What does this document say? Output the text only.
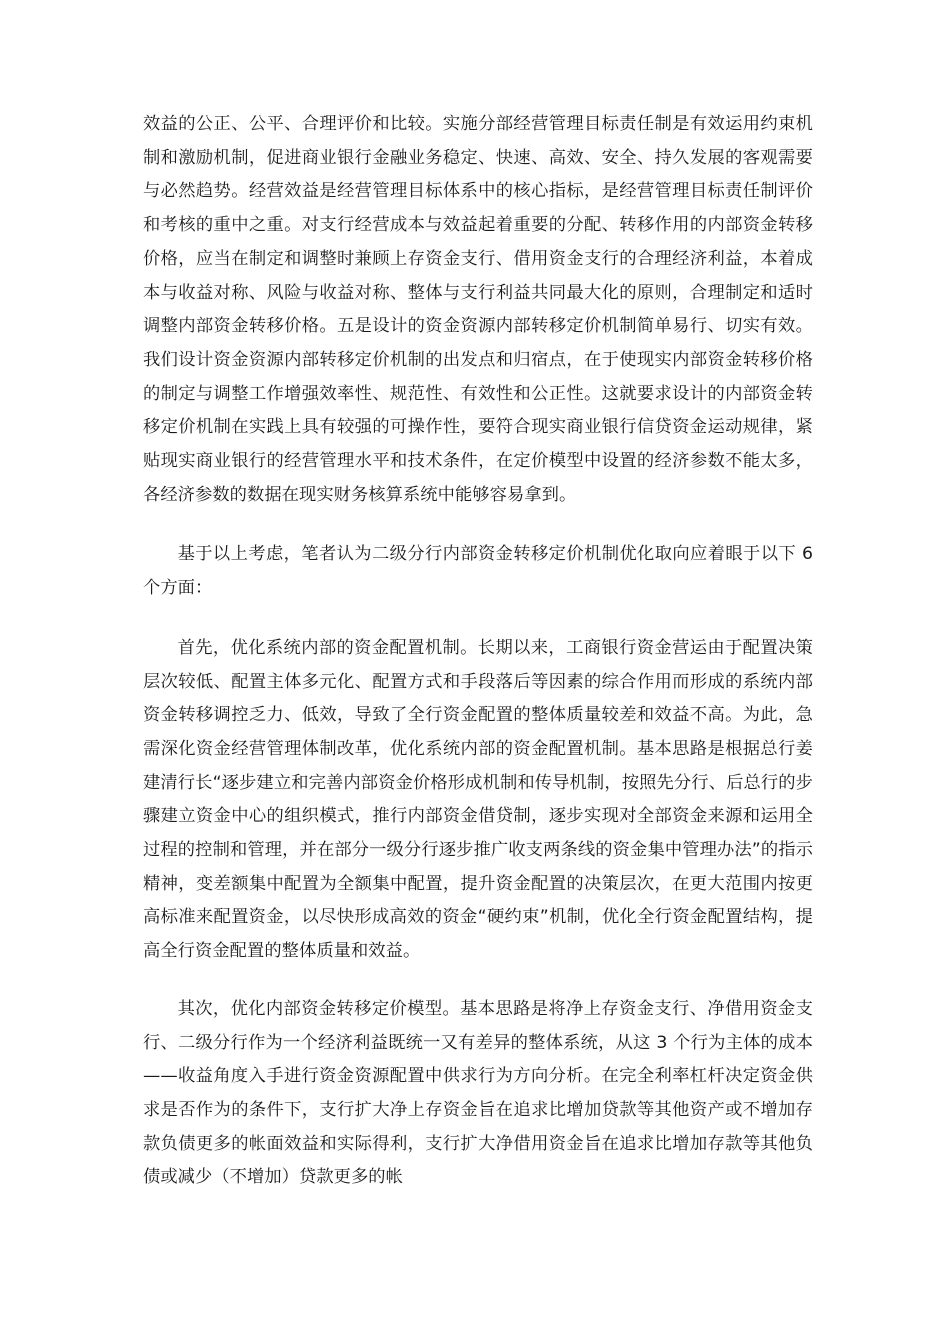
效益的公正、公平、合理评价和比较。实施分部经营管理目标责任制是有效运用约束机制和激励机制，促进商业银行金融业务稳定、快速、高效、安全、持久发展的客观需要与必然趋势。经营效益是经营管理目标体系中的核心指标，是经营管理目标责任制评价和考核的重中之重。对支行经营成本与效益起着重要的分配、转移作用的内部资金转移价格，应当在制定和调整时兼顾上存资金支行、借用资金支行的合理经济利益，本着成本与收益对称、风险与收益对称、整体与支行利益共同最大化的原则，合理制定和适时调整内部资金转移价格。五是设计的资金资源内部转移定价机制简单易行、切实有效。我们设计资金资源内部转移定价机制的出发点和归宿点，在于使现实内部资金转移价格的制定与调整工作增强效率性、规范性、有效性和公正性。这就要求设计的内部资金转移定价机制在实践上具有较强的可操作性，要符合现实商业银行信贷资金运动规律，紧贴现实商业银行的经营管理水平和技术条件，在定价模型中设置的经济参数不能太多，各经济参数的数据在现实财务核算系统中能够容易拿到。

基于以上考虑，笔者认为二级分行内部资金转移定价机制优化取向应着眼于以下 6 个方面：

首先，优化系统内部的资金配置机制。长期以来，工商银行资金营运由于配置决策层次较低、配置主体多元化、配置方式和手段落后等因素的综合作用而形成的系统内部资金转移调控乏力、低效，导致了全行资金配置的整体质量较差和效益不高。为此，急需深化资金经营管理体制改革，优化系统内部的资金配置机制。基本思路是根据总行姜建清行长“逐步建立和完善内部资金价格形成机制和传导机制，按照先分行、后总行的步骤建立资金中心的组织模式，推行内部资金借贷制，逐步实现对全部资金来源和运用全过程的控制和管理，并在部分一级分行逐步推广收支两条线的资金集中管理办法”的指示精神，变差额集中配置为全额集中配置，提升资金配置的决策层次，在更大范围内按更高标准来配置资金，以尽快形成高效的资金“硬约束”机制，优化全行资金配置结构，提高全行资金配置的整体质量和效益。

其次，优化内部资金转移定价模型。基本思路是将净上存资金支行、净借用资金支行、二级分行作为一个经济利益既统一又有差异的整体系统，从这 3 个行为主体的成本——收益角度入手进行资金资源配置中供求行为方向分析。在完全利率杠杆决定资金供求是否作为的条件下，支行扩大净上存资金旨在追求比增加贷款等其他资产或不增加存款负债更多的帐面效益和实际得利，支行扩大净借用资金旨在追求比增加存款等其他负债或减少（不增加）贷款更多的帐
